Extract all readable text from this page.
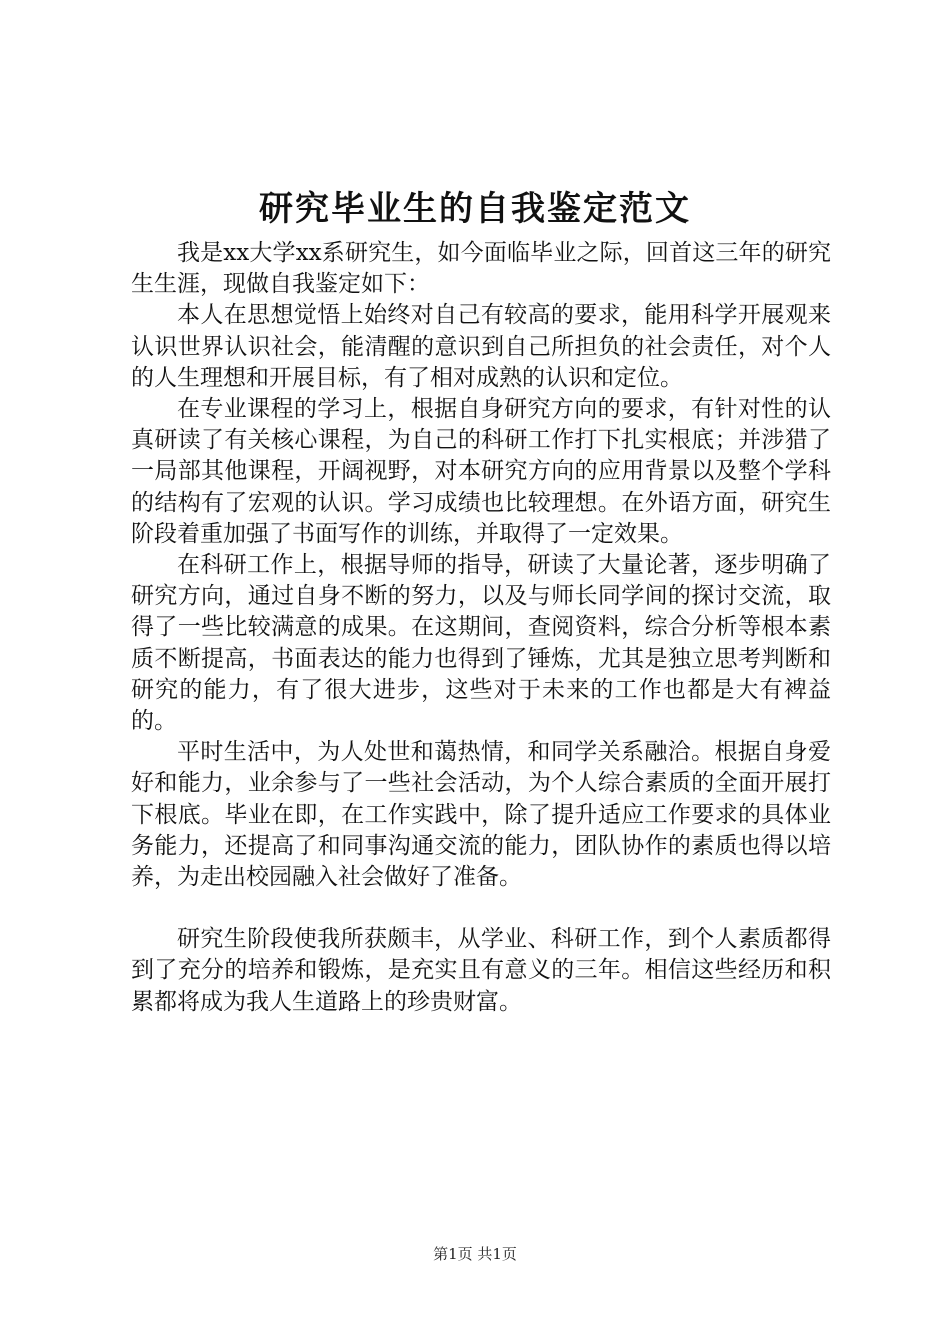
研究毕业生的自我鉴定范文

我是xx大学xx系研究生，如今面临毕业之际，回首这三年的研究生生涯，现做自我鉴定如下：

本人在思想觉悟上始终对自己有较高的要求，能用科学开展观来认识世界认识社会，能清醒的意识到自己所担负的社会责任，对个人的人生理想和开展目标，有了相对成熟的认识和定位。

在专业课程的学习上，根据自身研究方向的要求，有针对性的认真研读了有关核心课程，为自己的科研工作打下扎实根底；并涉猎了一局部其他课程，开阔视野，对本研究方向的应用背景以及整个学科的结构有了宏观的认识。学习成绩也比较理想。在外语方面，研究生阶段着重加强了书面写作的训练，并取得了一定效果。

在科研工作上，根据导师的指导，研读了大量论著，逐步明确了研究方向，通过自身不断的努力，以及与师长同学间的探讨交流，取得了一些比较满意的成果。在这期间，查阅资料，综合分析等根本素质不断提高，书面表达的能力也得到了锤炼，尤其是独立思考判断和研究的能力，有了很大进步，这些对于未来的工作也都是大有裨益的。

平时生活中，为人处世和蔼热情，和同学关系融洽。根据自身爱好和能力，业余参与了一些社会活动，为个人综合素质的全面开展打下根底。毕业在即，在工作实践中，除了提升适应工作要求的具体业务能力，还提高了和同事沟通交流的能力，团队协作的素质也得以培养，为走出校园融入社会做好了准备。

研究生阶段使我所获颇丰，从学业、科研工作，到个人素质都得到了充分的培养和锻炼，是充实且有意义的三年。相信这些经历和积累都将成为我人生道路上的珍贵财富。

第1页 共1页
